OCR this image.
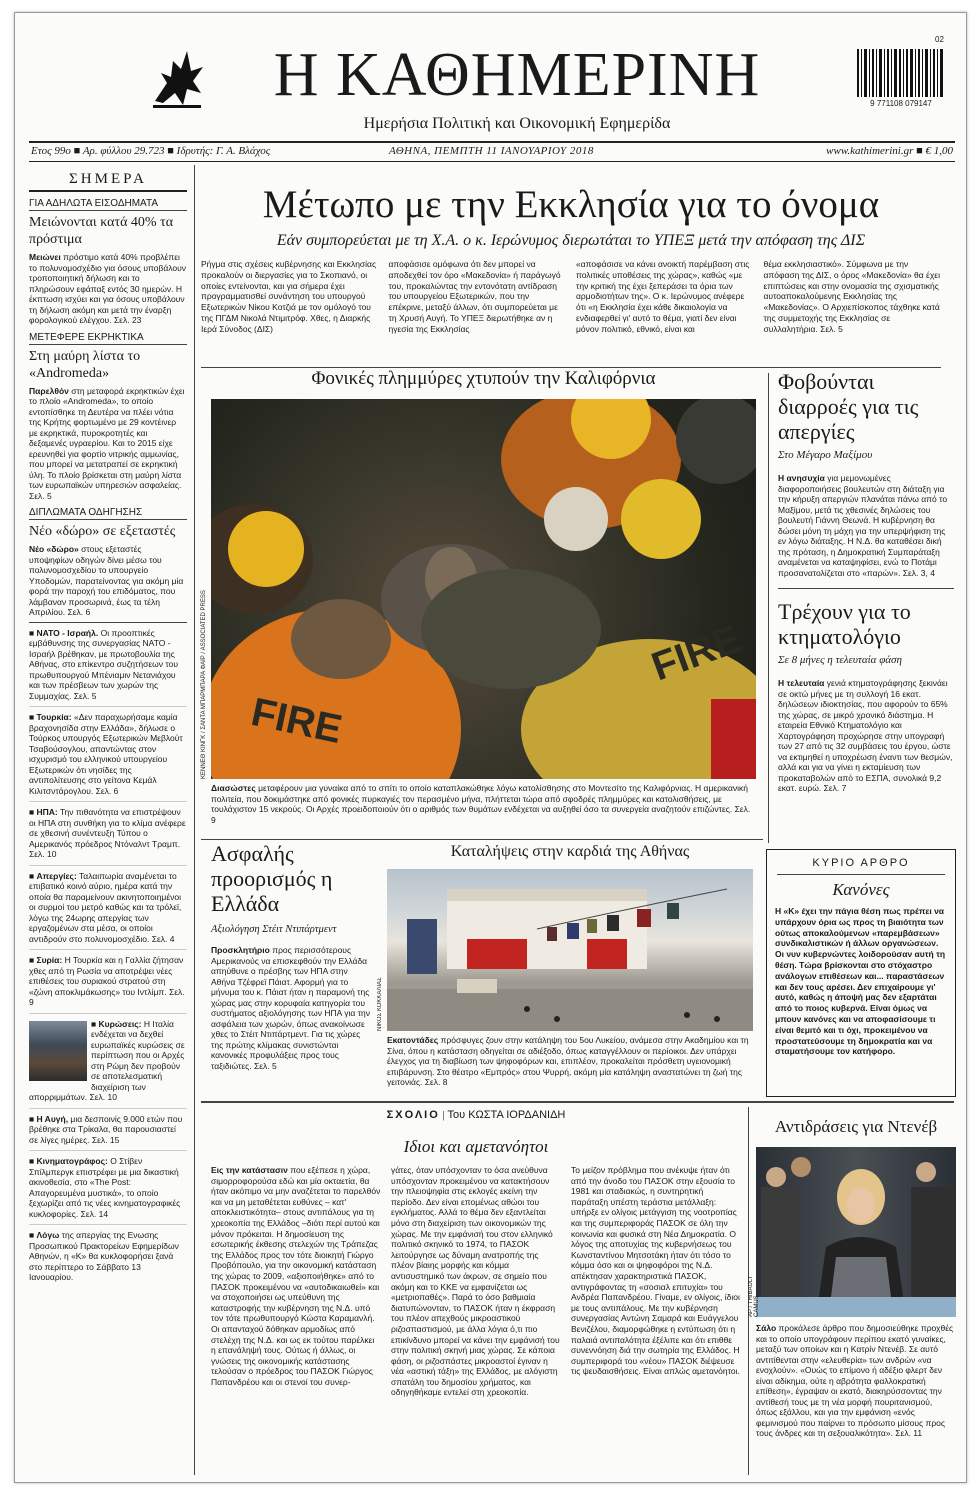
Η ΚΑΘΗΜΕΡΙΝΗ
Ημερήσια Πολιτική και Οικονομική Εφημερίδα
9 771108 079147
02
Ετος 99ο ■ Αρ. φύλλου 29.723 ■ Ιδρυτής: Γ. Α. Βλάχος	ΑΘΗΝΑ, ΠΕΜΠΤΗ 11 ΙΑΝΟΥΑΡΙΟΥ 2018	www.kathimerini.gr ■ € 1,00
ΣΗΜΕΡΑ
ΓΙΑ ΑΔΗΛΩΤΑ ΕΙΣΟΔΗΜΑΤΑ
Μειώνονται κατά 40% τα πρόστιμα
Μειώνει πρόστιμο κατά 40% προβλέπει το πολυνομοσχέδιο για όσους υποβάλουν τροποποιητική δήλωση και το πληρώσουν εφάπαξ εντός 30 ημερών. Η έκπτωση ισχύει και για όσους υποβάλουν τη δήλωση ακόμη και μετά την έναρξη φορολογικού ελέγχου. Σελ. 23
ΜΕΤΕΦΕΡΕ ΕΚΡΗΚΤΙΚΑ
Στη μαύρη λίστα το «Andromeda»
Παρελθόν στη μεταφορά εκρηκτικών έχει το πλοίο «Andromeda», το οποίο εντοπίσθηκε τη Δευτέρα να πλέει νότια της Κρήτης φορτωμένο με 29 κοντέινερ με εκρηκτικά, πυροκροτητές και δεξαμενές υγραερίου. Και το 2015 είχε ερευνηθεί για φορτίο νιτρικής αμμωνίας, που μπορεί να μετατραπεί σε εκρηκτική ύλη. Το πλοίο βρίσκεται στη μαύρη λίστα των ευρωπαϊκών υπηρεσιών ασφαλείας. Σελ. 5
ΔΙΠΛΩΜΑΤΑ ΟΔΗΓΗΣΗΣ
Νέο «δώρο» σε εξεταστές
Νέο «δώρο» στους εξεταστές υποψηφίων οδηγών δίνει μέσω του πολυνομοσχεδίου το υπουργείο Υποδομών, παρατείνοντας για ακόμη μία φορά την παροχή του επιδόματος, που λάμβαναν προσωρινά, έως τα τέλη Απριλίου. Σελ. 6
■ ΝΑΤΟ - Ισραήλ. Οι προοπτικές εμβάθυνσης της συνεργασίας ΝΑΤΟ - Ισραήλ βρέθηκαν, με πρωτοβουλία της Αθήνας, στο επίκεντρο συζητήσεων του πρωθυπουργού Μπένιαμιν Νετανιάχου και των πρέσβεων των χωρών της Συμμαχίας. Σελ. 5
■ Τουρκία: «Δεν παραχωρήσαμε καμία βραχονησίδα στην Ελλάδα», δήλωσε ο Τούρκος υπουργός Εξωτερικών Μεβλούτ Τσαβούσογλου, απαντώντας στον ισχυρισμό του ελληνικού υπουργείου Εξωτερικών ότι νησίδες της αντιπολίτευσης στο γείτονα Κεμάλ Κιλιτσντάρογλου. Σελ. 6
■ ΗΠΑ: Την πιθανότητα να επιστρέψουν οι ΗΠΑ στη συνθήκη για το κλίμα ανέφερε σε χθεσινή συνέντευξη Τύπου ο Αμερικανός πρόεδρος Ντόναλντ Τραμπ. Σελ. 10
■ Απεργίες: Ταλαιπωρία αναμένεται το επιβατικό κοινό αύριο, ημέρα κατά την οποία θα παραμείνουν ακινητοποιημένοι οι συρμοί του μετρό καθώς και τα τρόλεϊ, λόγω της 24ωρης απεργίας των εργαζομένων στα μέσα, οι οποίοι αντιδρούν στο πολυνομοσχέδιο. Σελ. 4
■ Συρία: Η Τουρκία και η Γαλλία ζήτησαν χθες από τη Ρωσία να αποτρέψει νέες επιθέσεις του συριακού στρατού στη «ζώνη αποκλιμάκωσης» του Ιντλίμπ. Σελ. 9
■ Κυρώσεις: Η Ιταλία ενδέχεται να δεχθεί ευρωπαϊκές κυρώσεις σε περίπτωση που οι Αρχές στη Ρώμη δεν προβούν σε αποτελεσματική διαχείριση των απορριμμάτων. Σελ. 10
■ Η Αυγή, μια δεσποινίς 9.000 ετών που βρέθηκε στα Τρίκαλα, θα παρουσιαστεί σε λίγες ημέρες. Σελ. 15
■ Κινηματογράφος: Ο Στίβεν Σπίλμπεργκ επιστρέφει με μια δικαστική ακινοθεσία, στο «The Post: Απαγορευμένα μυστικά», το οποίο ξεχωρίζει από τις νέες κινηματογραφικές κυκλοφορίες. Σελ. 14
■ Λόγω της απεργίας της Ενωσης Προσωπικού Πρακτορείων Εφημερίδων Αθηνών, η «Κ» θα κυκλοφορήσει ξανά στο περίπτερο το Σάββατο 13 Ιανουαρίου.
Μέτωπο με την Εκκλησία για το όνομα
Εάν συμπορεύεται με τη Χ.Α. ο κ. Ιερώνυμος διερωτάται το ΥΠΕΞ μετά την απόφαση της ΔΙΣ
Ρήγμα στις σχέσεις κυβέρνησης και Εκκλησίας προκαλούν οι διεργασίες για το Σκοπιανό, οι οποίες εντείνονται, και για σήμερα έχει προγραμματισθεί συνάντηση του υπουργού Εξωτερικών Νίκου Κοτζιά με τον ομόλογό του της ΠΓΔΜ Νικολά Ντιμιτρόφ. Χθες, η Διαρκής Ιερά Σύνοδος (ΔΙΣ)
αποφάσισε ομόφωνα ότι δεν μπορεί να αποδεχθεί τον όρο «Μακεδονία» ή παράγωγό του, προκαλώντας την εντονότατη αντίδραση του υπουργείου Εξωτερικών, που την επέκρινε, μεταξύ άλλων, ότι συμπορεύεται με τη Χρυσή Αυγή. Το ΥΠΕΞ διερωτήθηκε αν η ηγεσία της Εκκλησίας
«αποφάσισε να κάνει ανοικτή παρέμβαση στις πολιτικές υποθέσεις της χώρας», καθώς «με την κριτική της έχει ξεπεράσει τα όρια των αρμοδιοτήτων της». Ο κ. Ιερώνυμος ανέφερε ότι «η Εκκλησία έχει κάθε δικαιολογία να ενδιαφερθεί γι' αυτό το θέμα, γιατί δεν είναι μόνον πολιτικό, εθνικό, είναι και
θέμα εκκλησιαστικό». Σύμφωνα με την απόφαση της ΔΙΣ, ο όρος «Μακεδονία» θα έχει επιπτώσεις και στην ονομασία της σχισματικής αυτοαποκαλούμενης Εκκλησίας της «Μακεδονίας». Ο Αρχιεπίσκοπος τάχθηκε κατά της συμμετοχής της Εκκλησίας σε συλλαλητήρια. Σελ. 5
Φονικές πλημμύρες χτυπούν την Καλιφόρνια
FIRE
FIRE
ΚΕΝΝΕΘ ΚΙΝΓΚ / ΣΑΝΤΑ ΜΠΑΡΜΠΑΡΑ ΦΑΪΡ / ASSOCIATED PRESS
Διασώστες μεταφέρουν μια γυναίκα από το σπίτι το οποίο καταπλακώθηκε λόγω κατολίσθησης στο Μοντεσίτο της Καλιφόρνιας. Η αμερικανική πολιτεία, που δοκιμάστηκε από φονικές πυρκαγιές τον περασμένο μήνα, πλήττεται τώρα από σφοδρές πλημμύρες και κατολισθήσεις, με τουλάχιστον 15 νεκρούς. Οι Αρχές προειδοποιούν ότι ο αριθμός των θυμάτων ενδέχεται να αυξηθεί όσο τα συνεργεία αναζητούν επιζώντες. Σελ. 9
Φοβούνται διαρροές για τις απεργίες
Στο Μέγαρο Μαξίμου
Η ανησυχία για μεμονωμένες διαφοροποιήσεις βουλευτών στη διάταξη για την κήρυξη απεργιών πλανάται πάνω από το Μαξίμου, μετά τις χθεσινές δηλώσεις του βουλευτή Γιάννη Θεωνά. Η κυβέρνηση θα δώσει μόνη τη μάχη για την υπερψήφιση της εν λόγω διάταξης. Η Ν.Δ. θα καταθέσει δική της πρόταση, η Δημοκρατική Συμπαράταξη αναμένεται να καταψηφίσει, ενώ το Ποτάμι προσανατολίζεται στο «παρών». Σελ. 3, 4
Τρέχουν για το κτηματολόγιο
Σε 8 μήνες η τελευταία φάση
Η τελευταία γενιά κτηματογράφησης ξεκινάει σε οκτώ μήνες με τη συλλογή 16 εκατ. δηλώσεων ιδιοκτησίας, που αφορούν το 65% της χώρας, σε μικρό χρονικό διάστημα. Η εταιρεία Εθνικό Κτηματολόγιο και Χαρτογράφηση προχώρησε στην υπογραφή των 27 από τις 32 συμβάσεις του έργου, ώστε να εκτιμηθεί η υποχρέωση έναντι των θεσμών, αλλά και για να γίνει η εκταμίευση των προκαταβολών από το ΕΣΠΑ, συνολικά 9,2 εκατ. ευρώ. Σελ. 7
ΚΥΡΙΟ ΑΡΘΡΟ
Κανόνες
Η «Κ» έχει την πάγια θέση πως πρέπει να υπάρχουν όρια ως προς τη βιαιότητα των ούτως αποκαλούμενων «παρεμβάσεων» συνδικαλιστικών ή άλλων οργανώσεων. Οι νυν κυβερνώντες λοιδορούσαν αυτή τη θέση. Τώρα βρίσκονται στο στόχαστρο ανάλογων επιθέσεων και... παραστάσεων και δεν τους αρέσει. Δεν επιχαίρουμε γι' αυτό, καθώς η άποψή μας δεν εξαρτάται από το ποιος κυβερνά. Είναι όμως να μπουν κανόνες και να αποφασίσουμε τι είναι θεμιτό και τι όχι, προκειμένου να προστατεύσουμε τη δημοκρατία και να σταματήσουμε τον κατήφορο.
Ασφαλής προορισμός η Ελλάδα
Αξιολόγηση Στέιτ Ντιπάρτμεντ
Προσκλητήριο προς περισσότερους Αμερικανούς να επισκεφθούν την Ελλάδα απηύθυνε ο πρέσβης των ΗΠΑ στην Αθήνα Τζέφρεϊ Πάιατ. Αφορμή για το μήνυμα του κ. Πάιατ ήταν η παραμονή της χώρας μας στην κορυφαία κατηγορία του συστήματος αξιολόγησης των ΗΠΑ για την ασφάλεια των χωρών, όπως ανακοίνωσε χθες το Στέιτ Ντιπάρτμεντ. Για τις χώρες της πρώτης κλίμακας συνιστώνται κανονικές προφυλάξεις προς τους ταξιδιώτες. Σελ. 5
Καταλήψεις στην καρδιά της Αθήνας
ΝΙΚΟΣ ΚΟΚΚΑΛΙΑΣ
Εκατοντάδες πρόσφυγες ζουν στην κατάληψη του 5ου Λυκείου, ανάμεσα στην Ακαδημίου και τη Σίνα, όπου η κατάσταση οδηγείται σε αδιέξοδο, όπως καταγγέλλουν οι περίοικοι. Δεν υπάρχει έλεγχος για τη διαβίωση των ψηφοφόρων και, επιπλέον, προκαλείται πρόσθετη υγειονομική επιβάρυνση. Στο θέατρο «Εμπρός» στου Ψυρρή, ακόμη μία κατάληψη αναστατώνει τη ζωή της γειτονιάς. Σελ. 8
ΣΧΟΛΙΟ | Του ΚΩΣΤΑ ΙΟΡΔΑΝΙΔΗ
Ιδιοι και αμετανόητοι
Εις την κατάστασιν που εξέπεσε η χώρα, σιμορροφορούσα εδώ και μία οκταετία, θα ήταν ακόπιμο να μην αναζέτεται το παρελθόν και να μη μεταθέτεται ευθύνες – κατ' αποκλειστικότητα– στους αντιπάλους για τη χρεοκοπία της Ελλάδος –διότι περί αυτού και μόνον πρόκειται. Η δημοσίευση της εσωτερικής έκθεσης στελεχών της Τράπεζας της Ελλάδος προς τον τότε διοικητή Γιώργο Προβόπουλο, για την οικονομική κατάσταση της χώρας το 2009, «αξιοποιήθηκε» από το ΠΑΣΟΚ προκειμένου να «αυτοδικαιωθεί» και να στοχοποιήσει ως υπεύθυνη της καταστροφής την κυβέρνηση της Ν.Δ. υπό τον τότε πρωθυπουργό Κώστα Καραμανλή. Οι απανταχού δόθηκαν αρμοδίως από στελέχη της Ν.Δ. και ως εκ τούτου παρέλκει η επανάληψή τους. Ούτως ή άλλως, οι γνώσεις της οικονομικής κατάστασης τελούσαν ο πρόεδρος του ΠΑΣΟΚ Γιώργος Παπανδρέου και οι στενοί του συνερ-
γάτες, όταν υπόσχονταν το όσα ανεύθυνα υπόσχονταν προκειμένου να κατακτήσουν την πλειοψηφία στις εκλογές εκείνη την περίοδο. Δεν είναι επομένως αθώοι του εγκλήματος. Αλλά το θέμα δεν εξαντλείται μόνο στη διαχείριση των οικονομικών της χώρας. Με την εμφάνισή του στον ελληνικό πολιτικό σκηνικό το 1974, το ΠΑΣΟΚ λειτούργησε ως δύναμη ανατροπής της πλέον βίαιης μορφής και κόμμα αντισυστημικό των άκρων, σε σημείο που ακόμη και το ΚΚΕ να εμφανίζεται ως «μετριοπαθές». Παρά το όσο βαθμιαία διατυπώνονταν, το ΠΑΣΟΚ ήταν η έκφραση του πλέον απεχθούς μικροαστικού ριζοσπαστισμού, με άλλα λόγια ό,τι πιο επικίνδυνο μπορεί να κάνει την εμφάνισή του στην πολιτική σκηνή μιας χώρας. Σε κάποια φάση, οι ριζοσπάστες μικροαστοί έγιναν η νέα «αστική τάξη» της Ελλάδος, με αλόγιστη σπατάλη του δημοσίου χρήματος, και οδηγηθήκαμε εντελεί στη χρεοκοπία.
Το μείζον πρόβλημα που ανέκυψε ήταν ότι από την άνοδο του ΠΑΣΟΚ στην εξουσία το 1981 και σταδιακώς, η συντηρητική παράταξη υπέστη τεράστια μετάλλαξη: υπήρξε εν ολίγοις μετάγγιση της νοοτροπίας και της συμπεριφοράς ΠΑΣΟΚ σε όλη την κοινωνία και φυσικά στη Νέα Δημοκρατία. Ο λόγος της αποτυχίας της κυβερνήσεως του Κωνσταντίνου Μητσοτάκη ήταν ότι τόσο το κόμμα όσο και οι ψηφοφόροι της Ν.Δ. απέκτησαν χαρακτηριστικά ΠΑΣΟΚ, αντιγράφοντας τη «σοσιαλ επιτυχία» του Ανδρέα Παπανδρέου. Γίναμε, εν ολίγοις, ίδιοι με τους αντιπάλους. Με την κυβέρνηση συνεργασίας Αντώνη Σαμαρά και Ευάγγελου Βενιζέλου, διαμορφώθηκε η εντύπωση ότι η παλαιά αντιπαλότητα έξέλιπε και ότι επιθθε συνεννόηση διά την σωτηρία της Ελλάδος. Η συμπεριφορά του «νέου» ΠΑΣΟΚ διέψευσε τις ψευδαισθήσεις. Είναι απλώς αμετανόητοι.
Αντιδράσεις για Ντενέβ
AP / THIBAULT CAMUS
Σάλο προκάλεσε άρθρο που δημοσιεύθηκε προχθές και το οποίο υπογράφουν περίπου εκατό γυναίκες, μεταξύ των οποίων και η Κατρίν Ντενέβ. Σε αυτό αντιτίθενται στην «ελευθερία» των ανδρών «να ενοχλούν». «Ουώς το επίμονο ή αδέξιο φλερτ δεν είναι αδίκημα, ούτε η αβρότητα φαλλοκρατική επίθεση», έγραψαν οι εκατό, διακηρύσσοντας την αντίθεσή τους με τη νέα μορφή πουριτανισμού, όπως εξάλλου, και για την εμφάνιση «ενός φεμινισμού που παίρνει το πρόσωπο μίσους προς τους άνδρες και τη σεξουαλικότητα». Σελ. 11
